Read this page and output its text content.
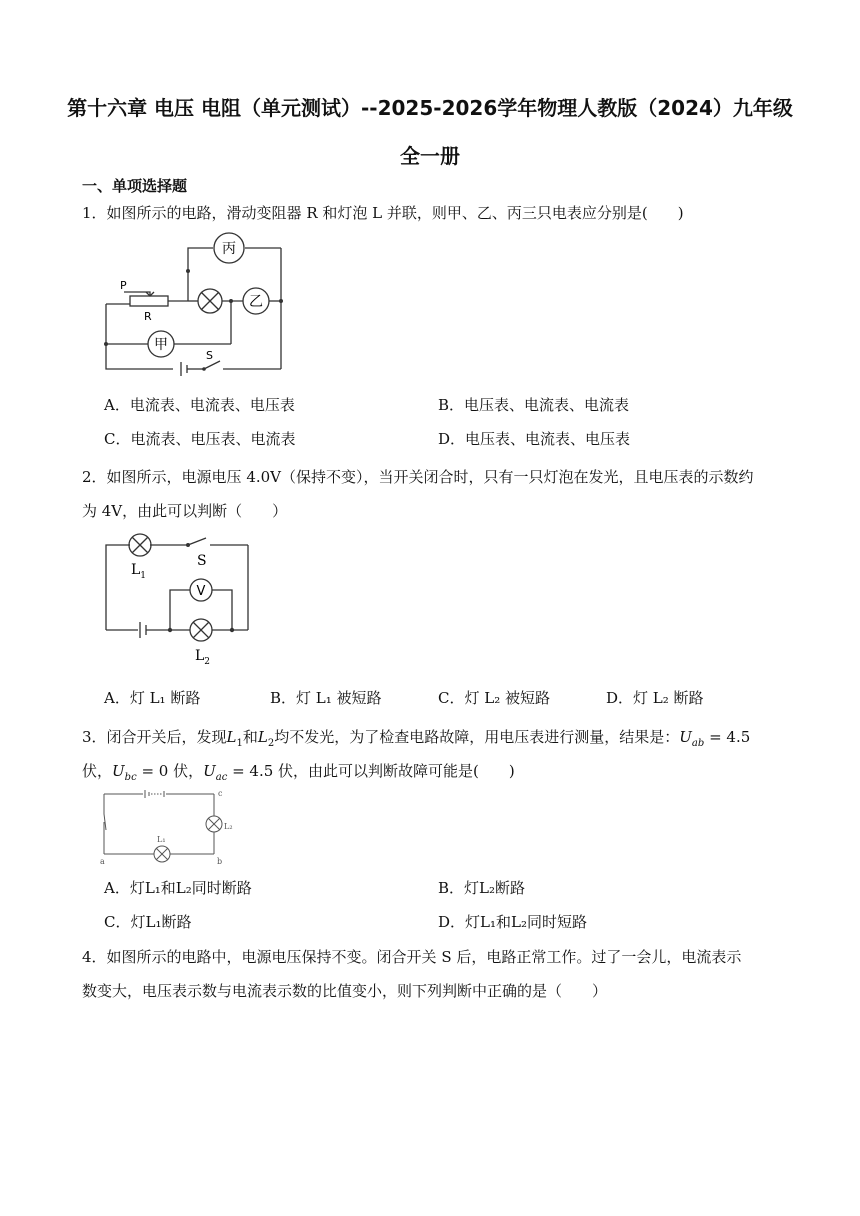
第十六章 电压 电阻（单元测试）--2025-2026学年物理人教版（2024）九年级
全一册
一、单项选择题
1．如图所示的电路，滑动变阻器 R 和灯泡 L 并联，则甲、乙、丙三只电表应分别是(　　)
丙
乙
甲
P
R
S
A．电流表、电流表、电压表	B．电压表、电流表、电流表
C．电流表、电压表、电流表	D．电压表、电流表、电压表
2．如图所示，电源电压 4.0V（保持不变），当开关闭合时，只有一只灯泡在发光，且电压表的示数约
为 4V，由此可以判断（　　）
V
$L_1$
S
$L_2$
A．灯 L₁ 断路	B．灯 L₁ 被短路	C．灯 L₂ 被短路	D．灯 L₂ 断路
3．闭合开关后，发现$L_1$和$L_2$均不发光，为了检查电路故障，用电压表进行测量，结果是：$U_{ab} = 4.5$
伏，$U_{bc} = 0$ 伏，$U_{ac} = 4.5$ 伏，由此可以判断故障可能是(　　)
a	b
c
L₁
L₂
A．灯L₁和L₂同时断路	B．灯L₂断路
C．灯L₁断路	D．灯L₁和L₂同时短路
4．如图所示的电路中，电源电压保持不变。闭合开关 S 后，电路正常工作。过了一会儿，电流表示
数变大，电压表示数与电流表示数的比值变小，则下列判断中正确的是（　　）
